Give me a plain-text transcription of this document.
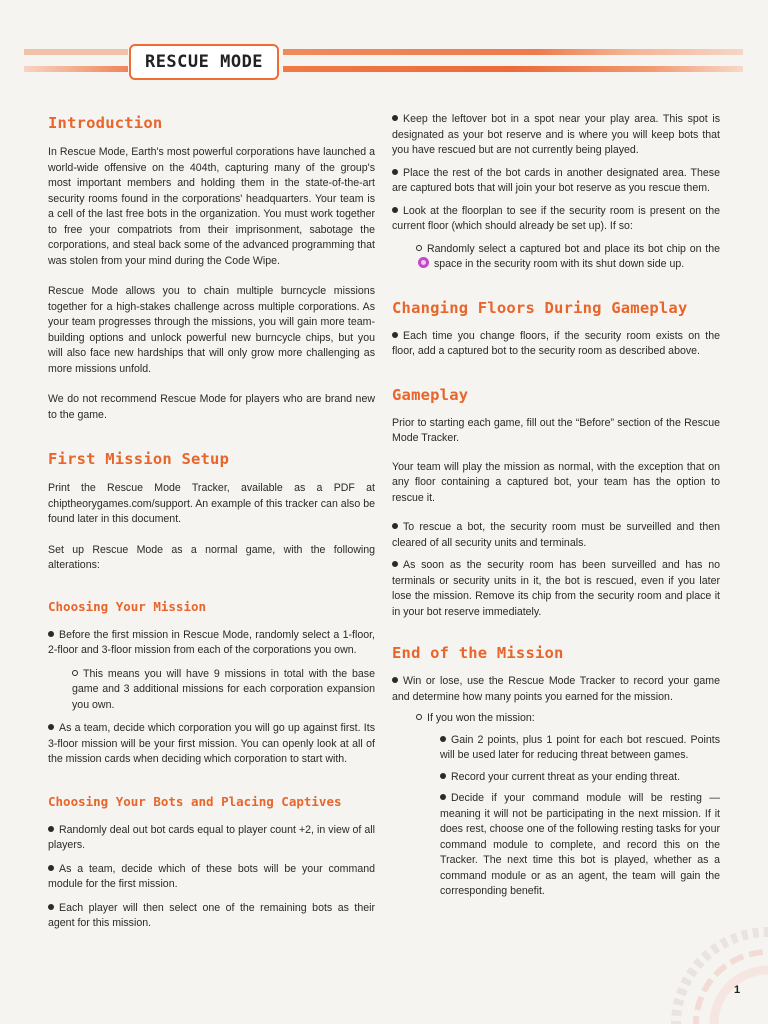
RESCUE MODE
Introduction

In Rescue Mode, Earth's most powerful corporations have launched a world-wide offensive on the 404th, capturing many of the group's most important members and holding them in the state-of-the-art security rooms found in the corporations' headquarters. Your team is a cell of the last free bots in the organization. You must work together to free your compatriots from their imprisonment, sabotage the corporations, and steal back some of the advanced programming that was stolen from your mind during the Code Wipe.

Rescue Mode allows you to chain multiple burncycle missions together for a high-stakes challenge across multiple corporations. As your team progresses through the missions, you will gain more team-building options and unlock powerful new burncycle chips, but you will also face new hardships that will only grow more challenging as more missions unfold.

We do not recommend Rescue Mode for players who are brand new to the game.

First Mission Setup

Print the Rescue Mode Tracker, available as a PDF at chiptheorygames.com/support. An example of this tracker can also be found later in this document.

Set up Rescue Mode as a normal game, with the following alterations:

Choosing Your Mission

Before the first mission in Rescue Mode, randomly select a 1-floor, 2-floor and 3-floor mission from each of the corporations you own.

This means you will have 9 missions in total with the base game and 3 additional missions for each corporation expansion you own.

As a team, decide which corporation you will go up against first. Its 3-floor mission will be your first mission. You can openly look at all of the mission cards when deciding which corporation to start with.

Choosing Your Bots and Placing Captives

Randomly deal out bot cards equal to player count +2, in view of all players.

As a team, decide which of these bots will be your command module for the first mission.

Each player will then select one of the remaining bots as their agent for this mission.

Keep the leftover bot in a spot near your play area. This spot is designated as your bot reserve and is where you will keep bots that you have rescued but are not currently being played.

Place the rest of the bot cards in another designated area. These are captured bots that will join your bot reserve as you rescue them.

Look at the floorplan to see if the security room is present on the current floor (which should already be set up). If so:

Randomly select a captured bot and place its bot chip on the  space in the security room with its shut down side up.

Changing Floors During Gameplay

Each time you change floors, if the security room exists on the floor, add a captured bot to the security room as described above.

Gameplay

Prior to starting each game, fill out the “Before” section of the Rescue Mode Tracker.

Your team will play the mission as normal, with the exception that on any floor containing a captured bot, your team has the option to rescue it.

To rescue a bot, the security room must be surveilled and then cleared of all security units and terminals.

As soon as the security room has been surveilled and has no terminals or security units in it, the bot is rescued, even if you later lose the mission. Remove its chip from the security room and place it in your bot reserve immediately.

End of the Mission

Win or lose, use the Rescue Mode Tracker to record your game and determine how many points you earned for the mission.

If you won the mission:

Gain 2 points, plus 1 point for each bot rescued. Points will be used later for reducing threat between games.

Record your current threat as your ending threat.

Decide if your command module will be resting — meaning it will not be participating in the next mission. If it does rest, choose one of the following resting tasks for your command module to complete, and record this on the Tracker. The next time this bot is played, whether as a command module or as an agent, the team will gain the corresponding benefit.

1
